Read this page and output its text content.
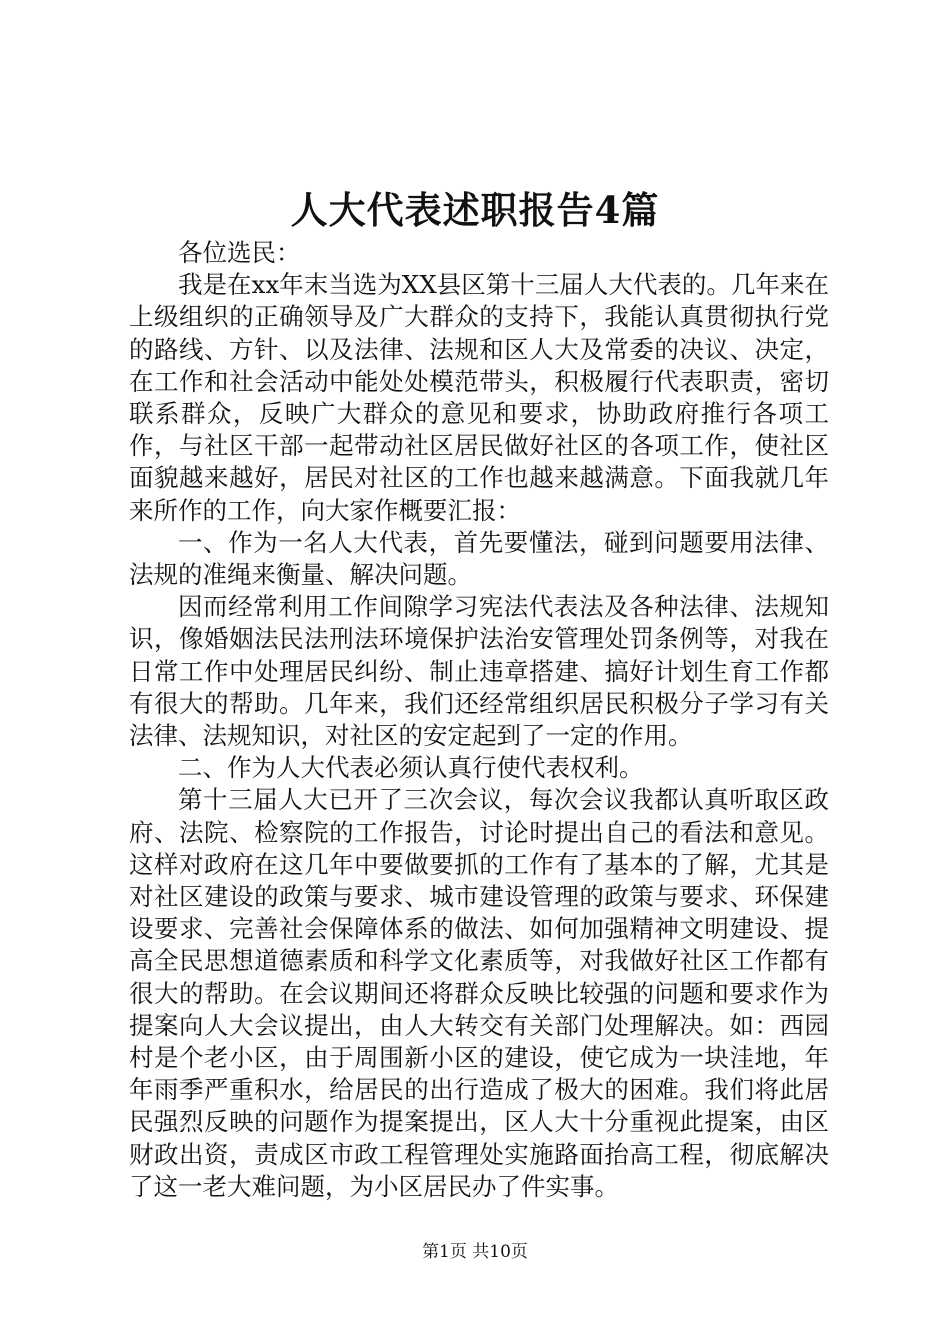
人大代表述职报告4篇

各位选民：

我是在xx年末当选为XX县区第十三届人大代表的。几年来在上级组织的正确领导及广大群众的支持下，我能认真贯彻执行党的路线、方针、以及法律、法规和区人大及常委的决议、决定，在工作和社会活动中能处处模范带头，积极履行代表职责，密切联系群众，反映广大群众的意见和要求，协助政府推行各项工作，与社区干部一起带动社区居民做好社区的各项工作，使社区面貌越来越好，居民对社区的工作也越来越满意。下面我就几年来所作的工作，向大家作概要汇报：

一、作为一名人大代表，首先要懂法，碰到问题要用法律、法规的准绳来衡量、解决问题。

因而经常利用工作间隙学习宪法代表法及各种法律、法规知识，像婚姻法民法刑法环境保护法治安管理处罚条例等，对我在日常工作中处理居民纠纷、制止违章搭建、搞好计划生育工作都有很大的帮助。几年来，我们还经常组织居民积极分子学习有关法律、法规知识，对社区的安定起到了一定的作用。

二、作为人大代表必须认真行使代表权利。

第十三届人大已开了三次会议，每次会议我都认真听取区政府、法院、检察院的工作报告，讨论时提出自己的看法和意见。这样对政府在这几年中要做要抓的工作有了基本的了解，尤其是对社区建设的政策与要求、城市建设管理的政策与要求、环保建设要求、完善社会保障体系的做法、如何加强精神文明建设、提高全民思想道德素质和科学文化素质等，对我做好社区工作都有很大的帮助。在会议期间还将群众反映比较强的问题和要求作为提案向人大会议提出，由人大转交有关部门处理解决。如：西园村是个老小区，由于周围新小区的建设，使它成为一块洼地，年年雨季严重积水，给居民的出行造成了极大的困难。我们将此居民强烈反映的问题作为提案提出，区人大十分重视此提案，由区财政出资，责成区市政工程管理处实施路面抬高工程，彻底解决了这一老大难问题，为小区居民办了件实事。

第1页 共10页
